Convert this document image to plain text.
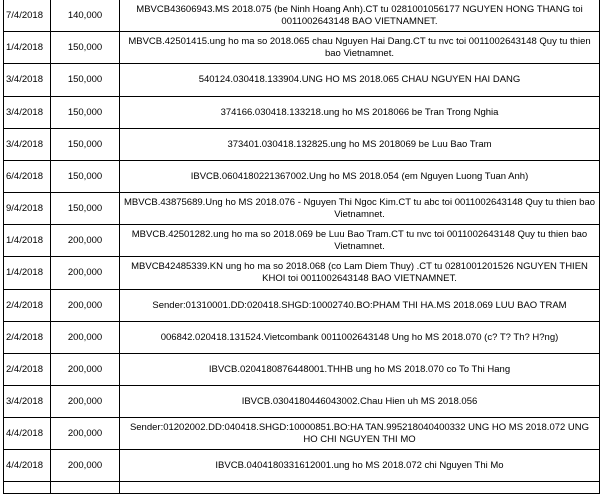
7/4/2018	140,000	MBVCB43606943.MS 2018.075 (be Ninh Hoang Anh).CT tu 0281001056177 NGUYEN HONG THANG toi 0011002643148 BAO VIETNAMNET.
1/4/2018	150,000	MBVCB.42501415.ung ho ma so 2018.065 chau Nguyen Hai Dang.CT tu nvc toi 0011002643148 Quy tu thien bao Vietnamnet.
3/4/2018	150,000	540124.030418.133904.UNG HO MS 2018.065 CHAU NGUYEN HAI DANG
3/4/2018	150,000	374166.030418.133218.ung ho MS 2018066 be Tran Trong Nghia
3/4/2018	150,000	373401.030418.132825.ung ho MS 2018069 be Luu Bao Tram
6/4/2018	150,000	IBVCB.0604180221367002.Ung ho MS 2018.054 (em Nguyen Luong Tuan Anh)
9/4/2018	150,000	MBVCB.43875689.Ung ho MS 2018.076 - Nguyen Thi Ngoc Kim.CT tu abc toi 0011002643148 Quy tu thien bao Vietnamnet.
1/4/2018	200,000	MBVCB.42501282.ung ho ma so 2018.069 be Luu Bao Tram.CT tu nvc toi 0011002643148 Quy tu thien bao Vietnamnet.
1/4/2018	200,000	MBVCB42485339.KN ung ho ma so 2018.068 (co Lam Diem Thuy) .CT tu 0281001201526 NGUYEN THIEN KHOI toi 0011002643148 BAO VIETNAMNET.
2/4/2018	200,000	Sender:01310001.DD:020418.SHGD:10002740.BO:PHAM THI HA.MS 2018.069 LUU BAO TRAM
2/4/2018	200,000	006842.020418.131524.Vietcombank 0011002643148 Ung ho MS 2018.070 (c? T? Th? H?ng)
2/4/2018	200,000	IBVCB.0204180876448001.THHB ung ho MS 2018.070 co To Thi Hang
3/4/2018	200,000	IBVCB.0304180446043002.Chau Hien uh MS 2018.056
4/4/2018	200,000	Sender:01202002.DD:040418.SHGD:10000851.BO:HA TAN.995218040400332 UNG HO MS 2018.072 UNG HO CHI NGUYEN THI MO
4/4/2018	200,000	IBVCB.0404180331612001.ung ho MS 2018.072 chi Nguyen Thi Mo
